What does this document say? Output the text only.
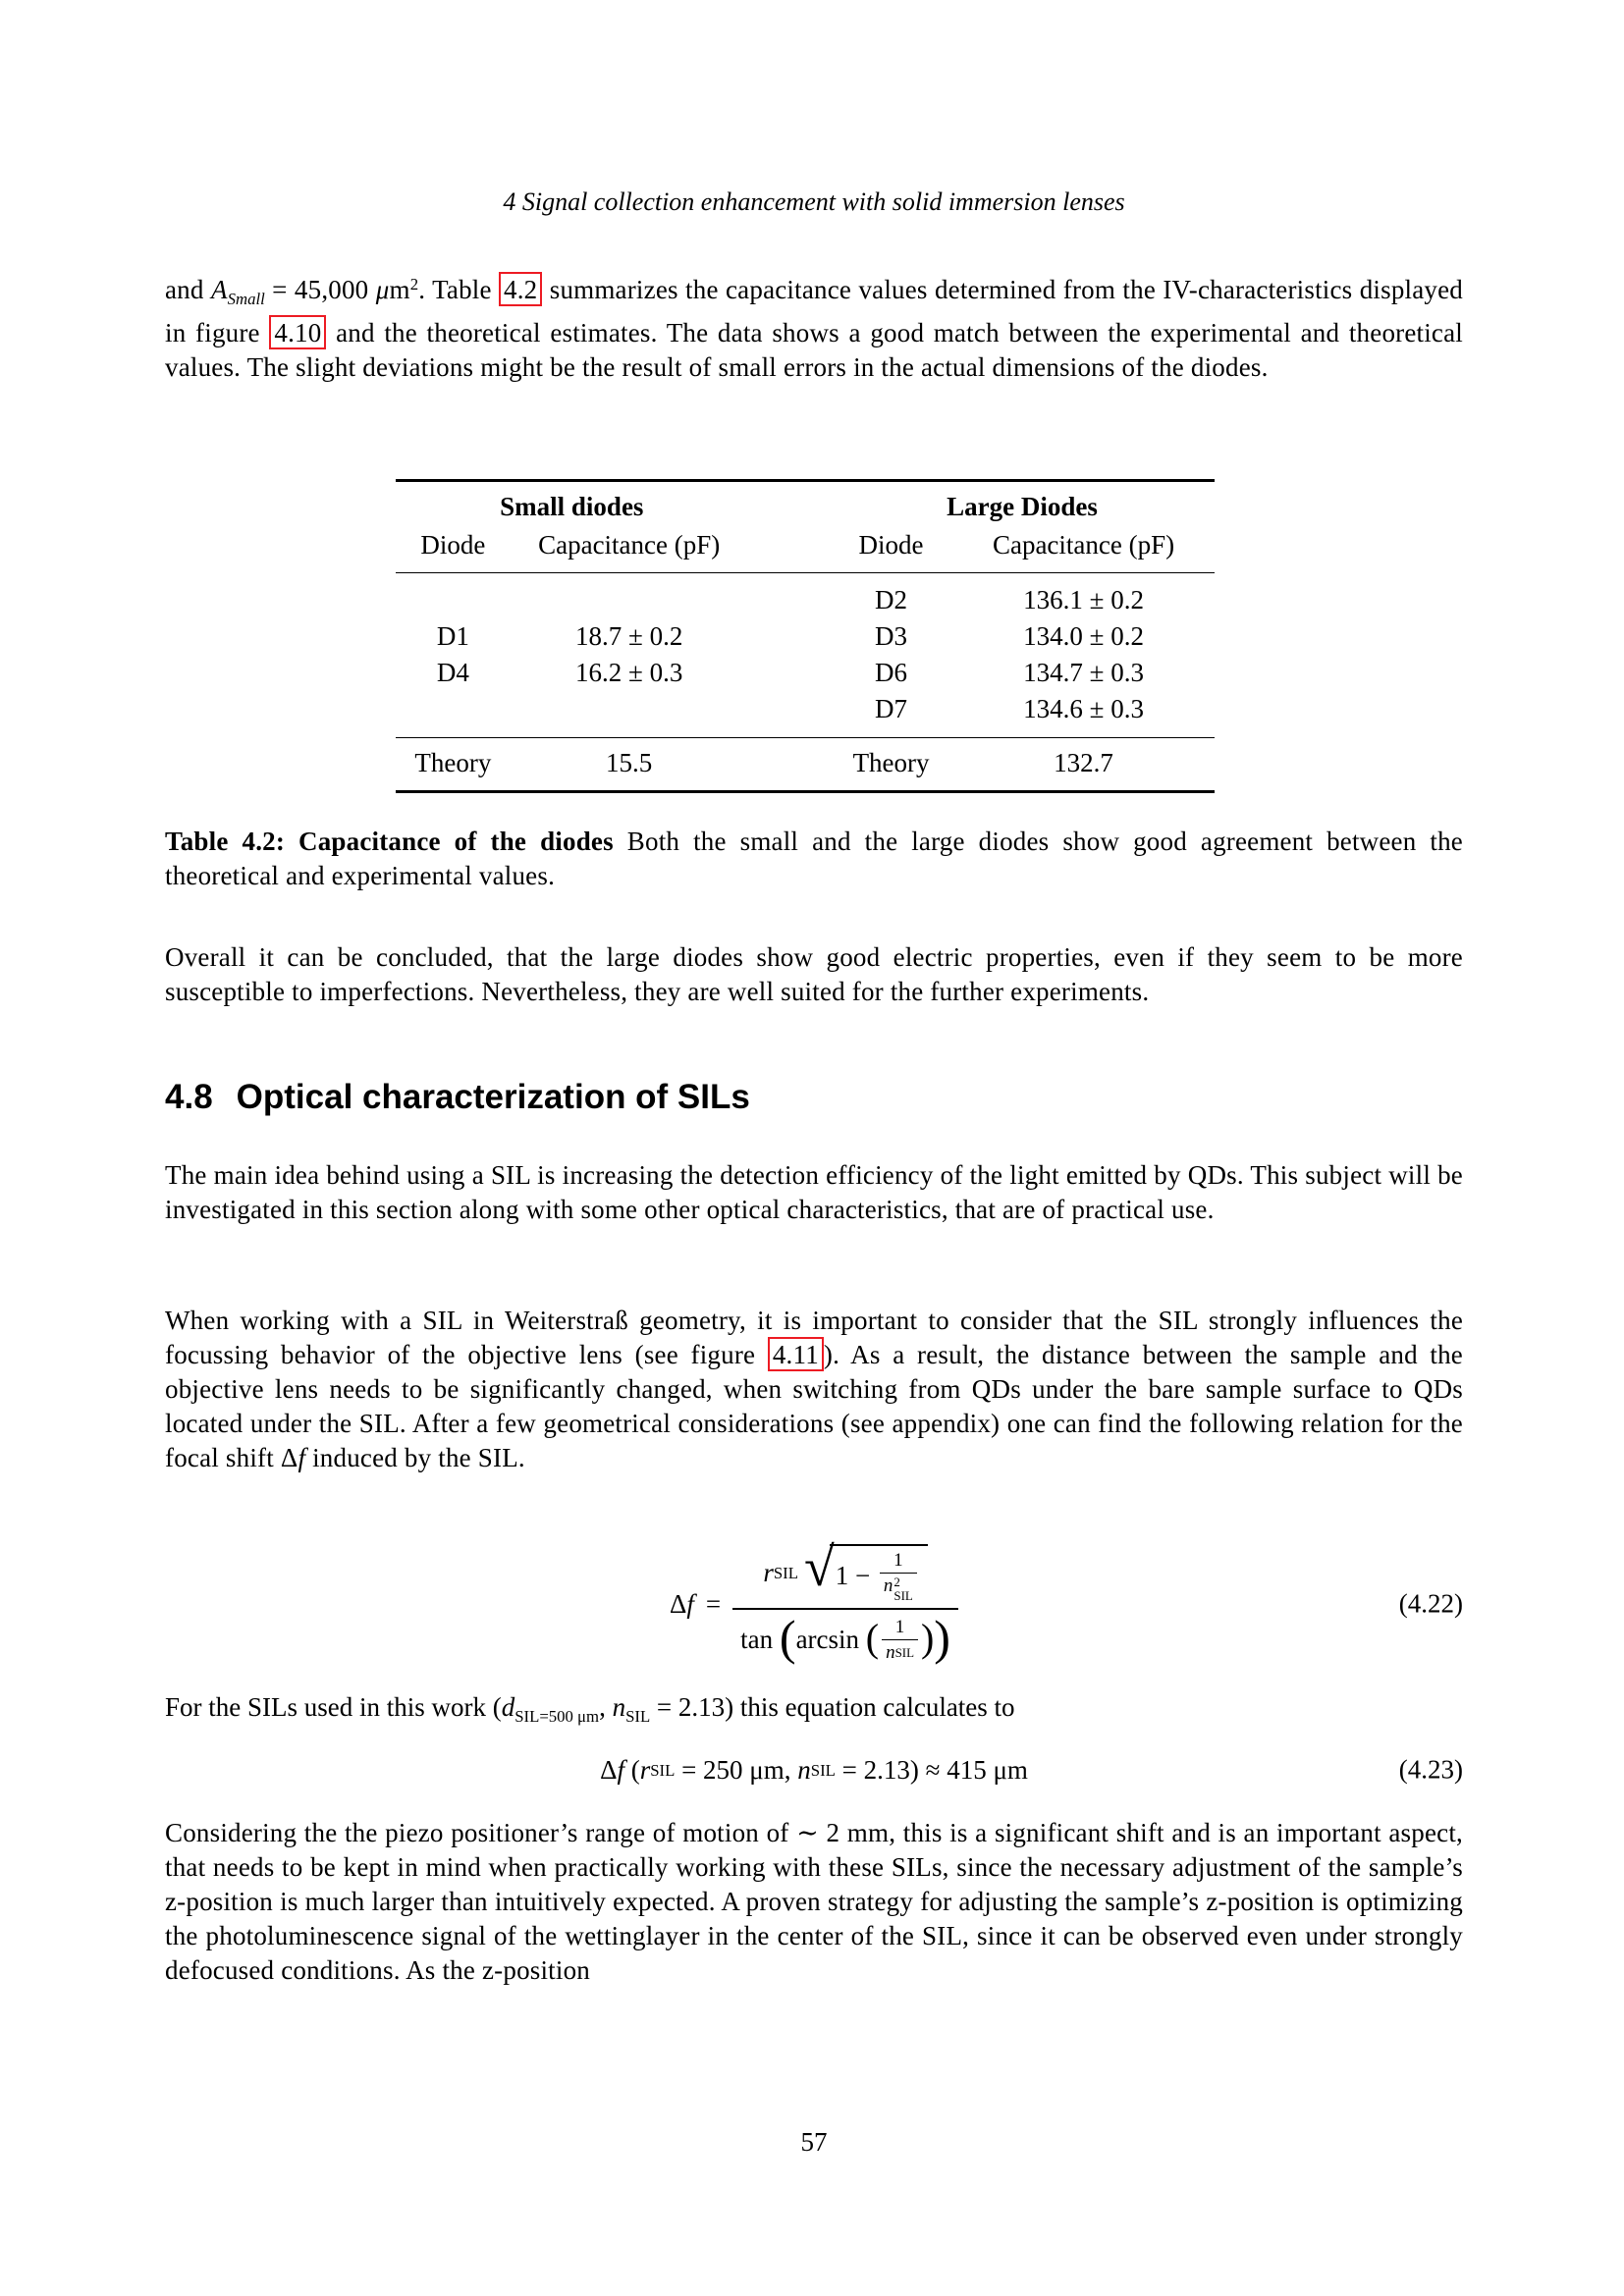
4 Signal collection enhancement with solid immersion lenses

and $A_{Small} = 45,000$ $\mu m^2$. Table 4.2 summarizes the capacitance values determined from the IV-characteristics displayed in figure 4.10 and the theoretical estimates. The data shows a good match between the experimental and theoretical values. The slight deviations might be the result of small errors in the actual dimensions of the diodes.

Small diodes			Large Diodes	
Diode	Capacitance (pF)		Diode	Capacitance (pF)
			D2	136.1 ± 0.2
D1	18.7 ± 0.2		D3	134.0 ± 0.2
D4	16.2 ± 0.3		D6	134.7 ± 0.3
			D7	134.6 ± 0.3
Theory	15.5		Theory	132.7

Table 4.2: Capacitance of the diodes Both the small and the large diodes show good agreement between the theoretical and experimental values.

Overall it can be concluded, that the large diodes show good electric properties, even if they seem to be more susceptible to imperfections. Nevertheless, they are well suited for the further experiments.

4.8 Optical characterization of SILs

The main idea behind using a SIL is increasing the detection efficiency of the light emitted by QDs. This subject will be investigated in this section along with some other optical characteristics, that are of practical use.

When working with a SIL in Weiterstraß geometry, it is important to consider that the SIL strongly influences the focussing behavior of the objective lens (see figure 4.11 ). As a result, the distance between the sample and the objective lens needs to be significantly changed, when switching from QDs under the bare sample surface to QDs located under the SIL. After a few geometrical considerations (see appendix) one can find the following relation for the focal shift Δf induced by the SIL.

Δ f =
r SIL √ 1 −
1
n 2
SIL
tan ( arcsin ( 1
n SIL ) )
(4.22)

For the SILs used in this work ($d_{SIL=500 \mu m}$, $n_{SIL} = 2.13$) this equation calculates to

Δ f ( r SIL = 250 μm, n SIL = 2.13) ≈ 415 μm	(4.23)

Considering the the piezo positioner’s range of motion of ∼ 2 mm, this is a significant shift and is an important aspect, that needs to be kept in mind when practically working with these SILs, since the necessary adjustment of the sample’s z-position is much larger than intuitively expected. A proven strategy for adjusting the sample’s z-position is optimizing the photoluminescence signal of the wettinglayer in the center of the SIL, since it can be observed even under strongly defocused conditions. As the z-position

57
